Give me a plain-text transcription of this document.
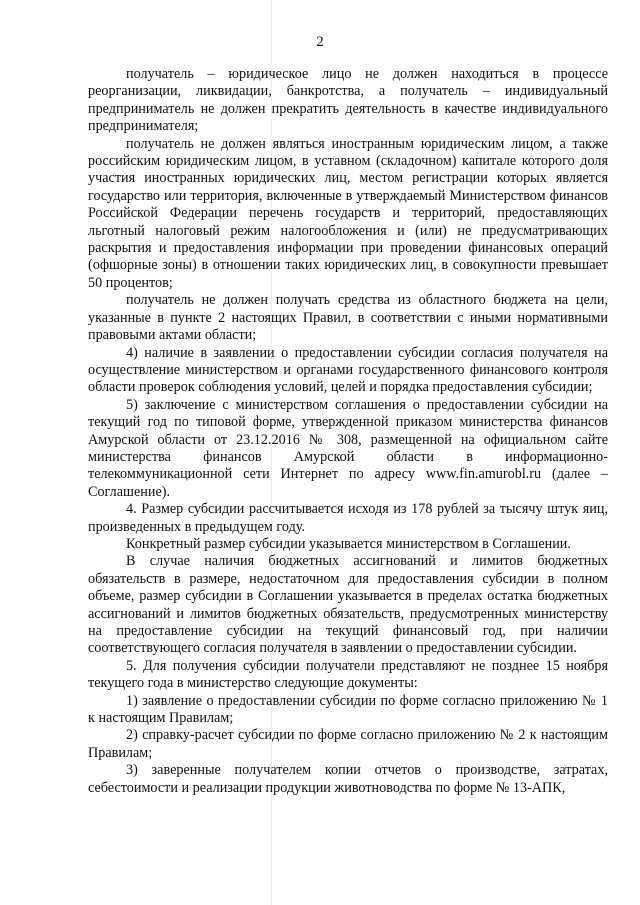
2

получатель – юридическое лицо не должен находиться в процессе реорганизации, ликвидации, банкротства, а получатель – индивидуальный предприниматель не должен прекратить деятельность в качестве индивидуального предпринимателя;

получатель не должен являться иностранным юридическим лицом, а также российским юридическим лицом, в уставном (складочном) капитале которого доля участия иностранных юридических лиц, местом регистрации которых является государство или территория, включенные в утверждаемый Министерством финансов Российской Федерации перечень государств и территорий, предоставляющих льготный налоговый режим налогообложения и (или) не предусматривающих раскрытия и предоставления информации при проведении финансовых операций (офшорные зоны) в отношении таких юридических лиц, в совокупности превышает 50 процентов;

получатель не должен получать средства из областного бюджета на цели, указанные в пункте 2 настоящих Правил, в соответствии с иными нормативными правовыми актами области;

4) наличие в заявлении о предоставлении субсидии согласия получателя на осуществление министерством и органами государственного финансового контроля области проверок соблюдения условий, целей и порядка предоставления субсидии;

5) заключение с министерством соглашения о предоставлении субсидии на текущий год по типовой форме, утвержденной приказом министерства финансов Амурской области от 23.12.2016 № 308, размещенной на официальном сайте министерства финансов Амурской области в информационно-телекоммуникационной сети Интернет по адресу www.fin.amurobl.ru (далее – Соглашение).

4. Размер субсидии рассчитывается исходя из 178 рублей за тысячу штук яиц, произведенных в предыдущем году.

Конкретный размер субсидии указывается министерством в Соглашении.

В случае наличия бюджетных ассигнований и лимитов бюджетных обязательств в размере, недостаточном для предоставления субсидии в полном объеме, размер субсидии в Соглашении указывается в пределах остатка бюджетных ассигнований и лимитов бюджетных обязательств, предусмотренных министерству на предоставление субсидии на текущий финансовый год, при наличии соответствующего согласия получателя в заявлении о предоставлении субсидии.

5. Для получения субсидии получатели представляют не позднее 15 ноября текущего года в министерство следующие документы:

1) заявление о предоставлении субсидии по форме согласно приложению № 1 к настоящим Правилам;

2) справку-расчет субсидии по форме согласно приложению № 2 к настоящим Правилам;

3) заверенные получателем копии отчетов о производстве, затратах, себестоимости и реализации продукции животноводства по форме № 13-АПК,
